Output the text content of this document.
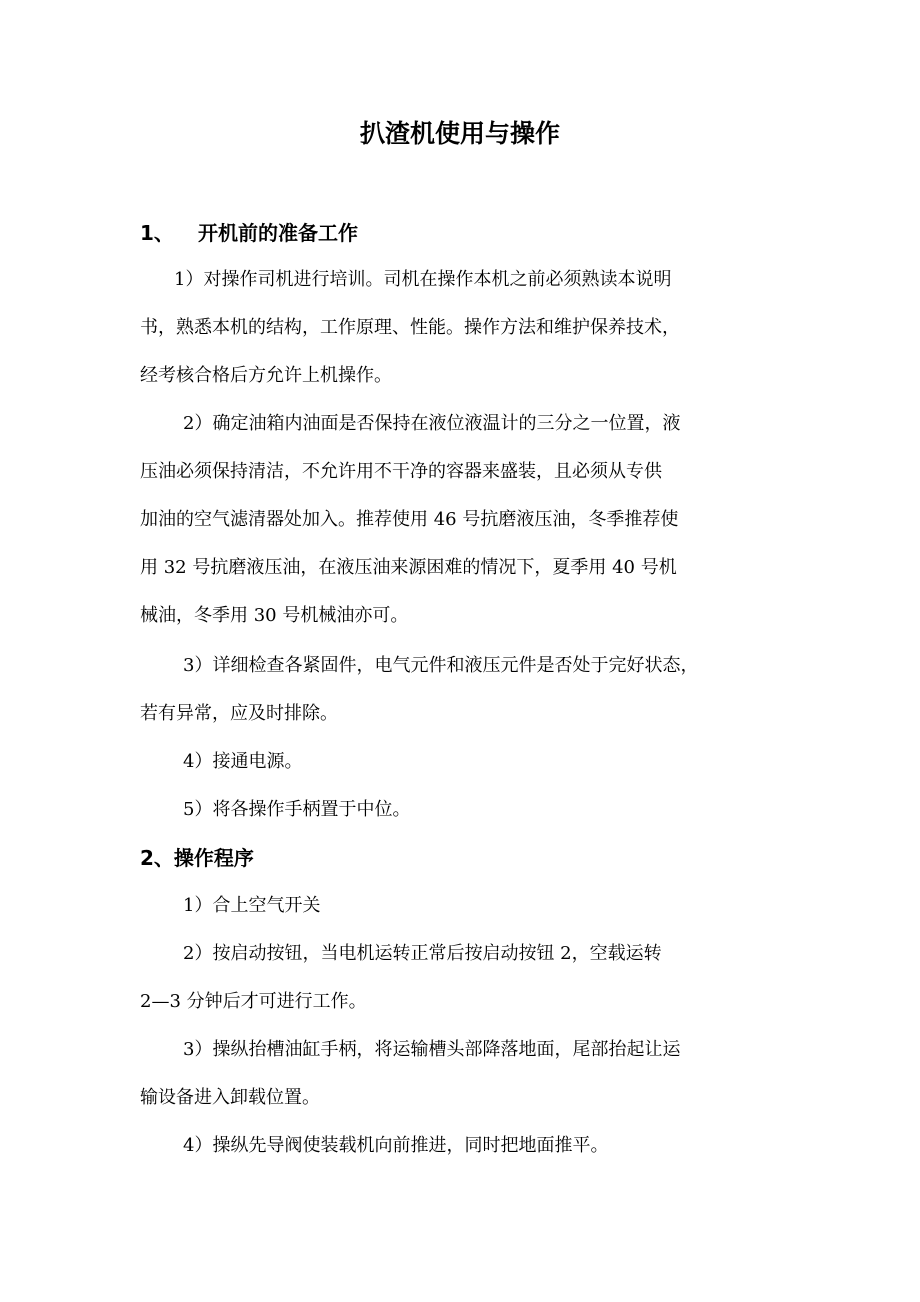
扒渣机使用与操作
1、 开机前的准备工作
1）对操作司机进行培训。司机在操作本机之前必须熟读本说明
书，熟悉本机的结构，工作原理、性能。操作方法和维护保养技术，
经考核合格后方允许上机操作。
2）确定油箱内油面是否保持在液位液温计的三分之一位置，液
压油必须保持清洁，不允许用不干净的容器来盛装，且必须从专供
加油的空气滤清器处加入。推荐使用 46 号抗磨液压油，冬季推荐使
用 32 号抗磨液压油，在液压油来源困难的情况下，夏季用 40 号机
械油，冬季用 30 号机械油亦可。
3）详细检查各紧固件，电气元件和液压元件是否处于完好状态，
若有异常，应及时排除。
4）接通电源。
5）将各操作手柄置于中位。
2、操作程序
1）合上空气开关
2）按启动按钮，当电机运转正常后按启动按钮 2，空载运转
2—3 分钟后才可进行工作。
3）操纵抬槽油缸手柄，将运输槽头部降落地面，尾部抬起让运
输设备进入卸载位置。
4）操纵先导阀使装载机向前推进，同时把地面推平。
